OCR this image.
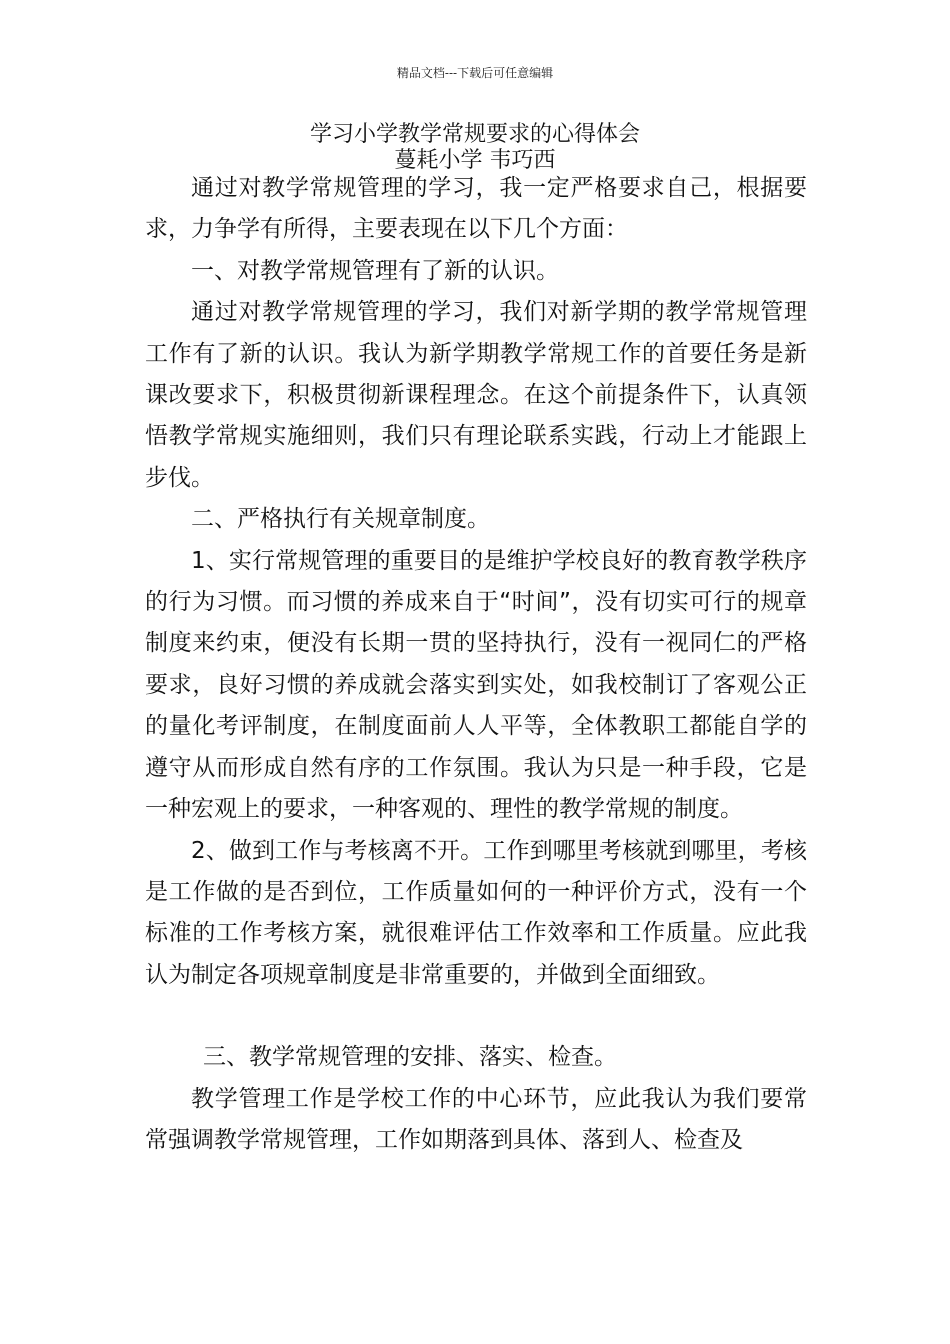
精品文档---下载后可任意编辑
学习小学教学常规要求的心得体会
蔓耗小学 韦巧西

通过对教学常规管理的学习，我一定严格要求自己，根据要求，力争学有所得，主要表现在以下几个方面：

一、对教学常规管理有了新的认识。

通过对教学常规管理的学习，我们对新学期的教学常规管理工作有了新的认识。我认为新学期教学常规工作的首要任务是新课改要求下，积极贯彻新课程理念。在这个前提条件下，认真领悟教学常规实施细则，我们只有理论联系实践，行动上才能跟上步伐。

二、严格执行有关规章制度。

1、实行常规管理的重要目的是维护学校良好的教育教学秩序的行为习惯。而习惯的养成来自于“时间”，没有切实可行的规章制度来约束，便没有长期一贯的坚持执行，没有一视同仁的严格要求，良好习惯的养成就会落实到实处，如我校制订了客观公正的量化考评制度，在制度面前人人平等，全体教职工都能自学的遵守从而形成自然有序的工作氛围。我认为只是一种手段，它是一种宏观上的要求，一种客观的、理性的教学常规的制度。

2、做到工作与考核离不开。工作到哪里考核就到哪里，考核是工作做的是否到位，工作质量如何的一种评价方式，没有一个标准的工作考核方案，就很难评估工作效率和工作质量。应此我认为制定各项规章制度是非常重要的，并做到全面细致。

三、教学常规管理的安排、落实、检查。

教学管理工作是学校工作的中心环节，应此我认为我们要常常强调教学常规管理，工作如期落到具体、落到人、检查及
